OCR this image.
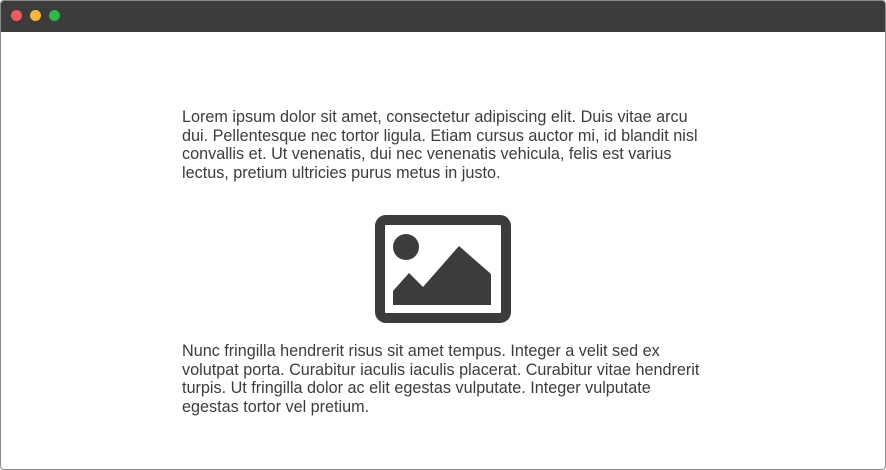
Lorem ipsum dolor sit amet, consectetur adipiscing elit. Duis vitae arcu dui. Pellentesque nec tortor ligula. Etiam cursus auctor mi, id blandit nisl convallis et. Ut venenatis, dui nec venenatis vehicula, felis est varius lectus, pretium ultricies purus metus in justo.

Nunc fringilla hendrerit risus sit amet tempus. Integer a velit sed ex volutpat porta. Curabitur iaculis iaculis placerat. Curabitur vitae hendrerit turpis. Ut fringilla dolor ac elit egestas vulputate. Integer vulputate egestas tortor vel pretium.
